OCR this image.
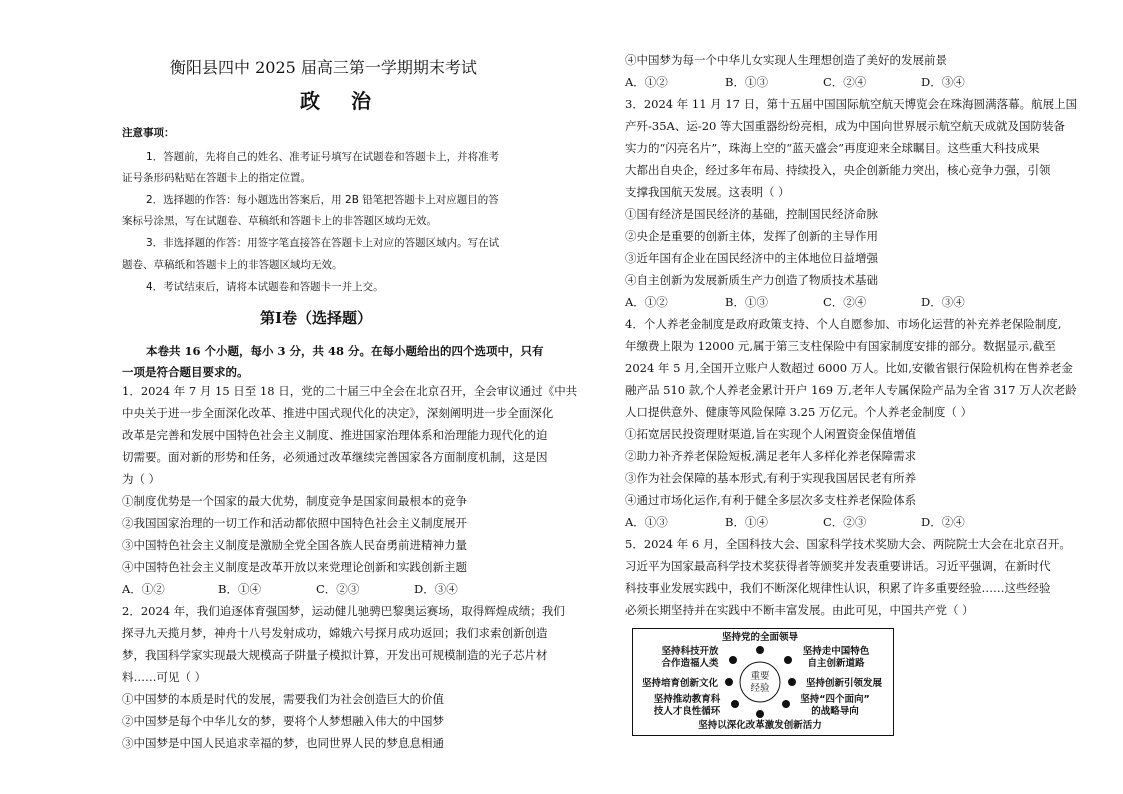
衡阳县四中 2025 届高三第一学期期末考试
政 治
注意事项：
1．答题前，先将自己的姓名、准考证号填写在试题卷和答题卡上，并将准考
证号条形码粘贴在答题卡上的指定位置。
2．选择题的作答：每小题选出答案后，用 2B 铅笔把答题卡上对应题目的答
案标号涂黑，写在试题卷、草稿纸和答题卡上的非答题区域均无效。
3．非选择题的作答：用签字笔直接答在答题卡上对应的答题区域内。写在试
题卷、草稿纸和答题卡上的非答题区域均无效。
4．考试结束后，请将本试题卷和答题卡一并上交。
第Ⅰ卷（选择题）
本卷共 16 个小题，每小 3 分，共 48 分。在每小题给出的四个选项中，只有
一项是符合题目要求的。
1．2024 年 7 月 15 日至 18 日，党的二十届三中全会在北京召开，全会审议通过《中共
中央关于进一步全面深化改革、推进中国式现代化的决定》，深刻阐明进一步全面深化
改革是完善和发展中国特色社会主义制度、推进国家治理体系和治理能力现代化的迫
切需要。面对新的形势和任务，必须通过改革继续完善国家各方面制度机制，这是因
为（ ）
①制度优势是一个国家的最大优势，制度竞争是国家间最根本的竞争
②我国国家治理的一切工作和活动都依照中国特色社会主义制度展开
③中国特色社会主义制度是激励全党全国各族人民奋勇前进精神力量
④中国特色社会主义制度是改革开放以来党理论创新和实践创新主题
A．①②	B．①④	C．②③	D．③④
2．2024 年，我们追逐体育强国梦，运动健儿驰骋巴黎奥运赛场，取得辉煌成绩；我们
探寻九天揽月梦，神舟十八号发射成功，嫦娥六号探月成功返回；我们求索创新创造
梦，我国科学家实现最大规模高子阱量子模拟计算，开发出可规模制造的光子芯片材
料……可见（ ）
①中国梦的本质是时代的发展，需要我们为社会创造巨大的价值
②中国梦是每个中华儿女的梦，要将个人梦想融入伟大的中国梦
③中国梦是中国人民追求幸福的梦，也同世界人民的梦息息相通
④中国梦为每一个中华儿女实现人生理想创造了美好的发展前景
A．①②	B．①③	C．②④	D．③④
3．2024 年 11 月 17 日，第十五届中国国际航空航天博览会在珠海圆满落幕。航展上国
产歼-35A、运-20 等大国重器纷纷亮相，成为中国向世界展示航空航天成就及国防装备
实力的“闪亮名片”，珠海上空的“蓝天盛会”再度迎来全球瞩目。这些重大科技成果
大都出自央企，经过多年布局、持续投入，央企创新能力突出，核心竞争力强，引领
支撑我国航天发展。这表明（ ）
①国有经济是国民经济的基础，控制国民经济命脉
②央企是重要的创新主体，发挥了创新的主导作用
③近年国有企业在国民经济中的主体地位日益增强
④自主创新为发展新质生产力创造了物质技术基础
A．①②	B．①③	C．②④	D．③④
4．个人养老金制度是政府政策支持、个人自愿参加、市场化运营的补充养老保险制度,
年缴费上限为 12000 元,属于第三支柱保险中有国家制度安排的部分。数据显示,截至
2024 年 5 月,全国开立账户人数超过 6000 万人。比如,安徽省银行保险机构在售养老金
融产品 510 款,个人养老金累计开户 169 万,老年人专属保险产品为全省 317 万人次老龄
人口提供意外、健康等风险保障 3.25 万亿元。个人养老金制度（ ）
①拓宽居民投资理财渠道,旨在实现个人闲置资金保值增值
②助力补齐养老保险短板,满足老年人多样化养老保障需求
③作为社会保障的基本形式,有利于实现我国居民老有所养
④通过市场化运作,有利于健全多层次多支柱养老保险体系
A．①③	B．①④	C．②③	D．②④
5．2024 年 6 月，全国科技大会、国家科学技术奖励大会、两院院士大会在北京召开。
习近平为国家最高科学技术奖获得者等颁奖并发表重要讲话。习近平强调，在新时代
科技事业发展实践中，我们不断深化规律性认识，积累了许多重要经验……这些经验
必须长期坚持并在实践中不断丰富发展。由此可见，中国共产党（ ）
重要
经验
坚持党的全面领导
坚持科技开放
合作造福人类
坚持走中国特色
自主创新道路
坚持培育创新文化	坚持创新引领发展
坚持推动教育科
技人才良性循环
坚持“四个面向”
的战略导向
坚持以深化改革激发创新活力
